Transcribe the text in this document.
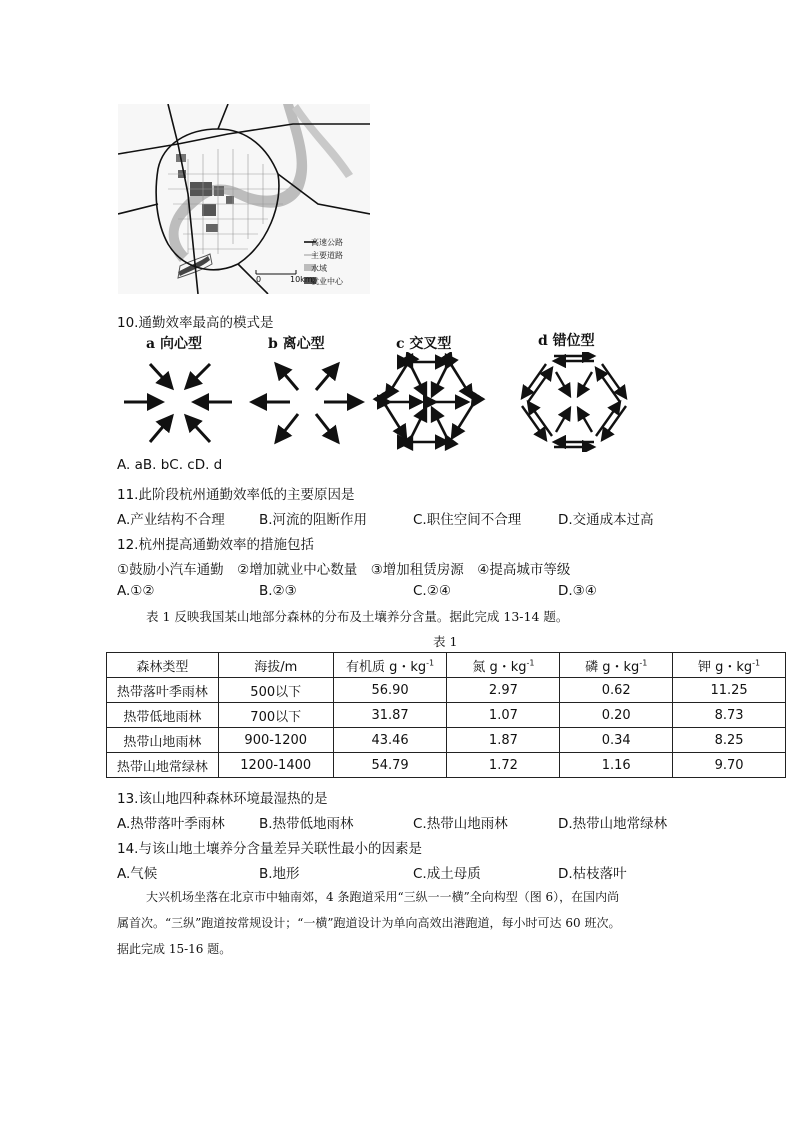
高速公路
主要道路
水域
就业中心
0	10km
10.通勤效率最高的模式是
a 向心型	b 离心型	c 交叉型	d 错位型
A. aB. bC. cD. d
11.此阶段杭州通勤效率低的主要原因是
A.产业结构不合理	B.河流的阻断作用	C.职住空间不合理	D.交通成本过高
12.杭州提高通勤效率的措施包括
①鼓励小汽车通勤　②增加就业中心数量　③增加租赁房源　④提高城市等级
A.①②	B.②③	C.②④	D.③④
表 1 反映我国某山地部分森林的分布及土壤养分含量。据此完成 13-14 题。
表 1
森林类型	海拔/m	有机质 g・$kg^{-1}$	氮 g・$kg^{-1}$	磷 g・$kg^{-1}$	钾 g・$kg^{-1}$
热带落叶季雨林	500以下	56.90	2.97	0.62	11.25
热带低地雨林	700以下	31.87	1.07	0.20	8.73
热带山地雨林	900-1200	43.46	1.87	0.34	8.25
热带山地常绿林	1200-1400	54.79	1.72	1.16	9.70
13.该山地四种森林环境最湿热的是
A.热带落叶季雨林	B.热带低地雨林	C.热带山地雨林	D.热带山地常绿林
14.与该山地土壤养分含量差异关联性最小的因素是
A.气候	B.地形	C.成土母质	D.枯枝落叶
大兴机场坐落在北京市中轴南郊，4 条跑道采用“三纵一一横”全向构型（图 6），在国内尚
属首次。“三纵”跑道按常规设计；“一横”跑道设计为单向高效出港跑道，每小时可达 60 班次。
据此完成 15-16 题。
